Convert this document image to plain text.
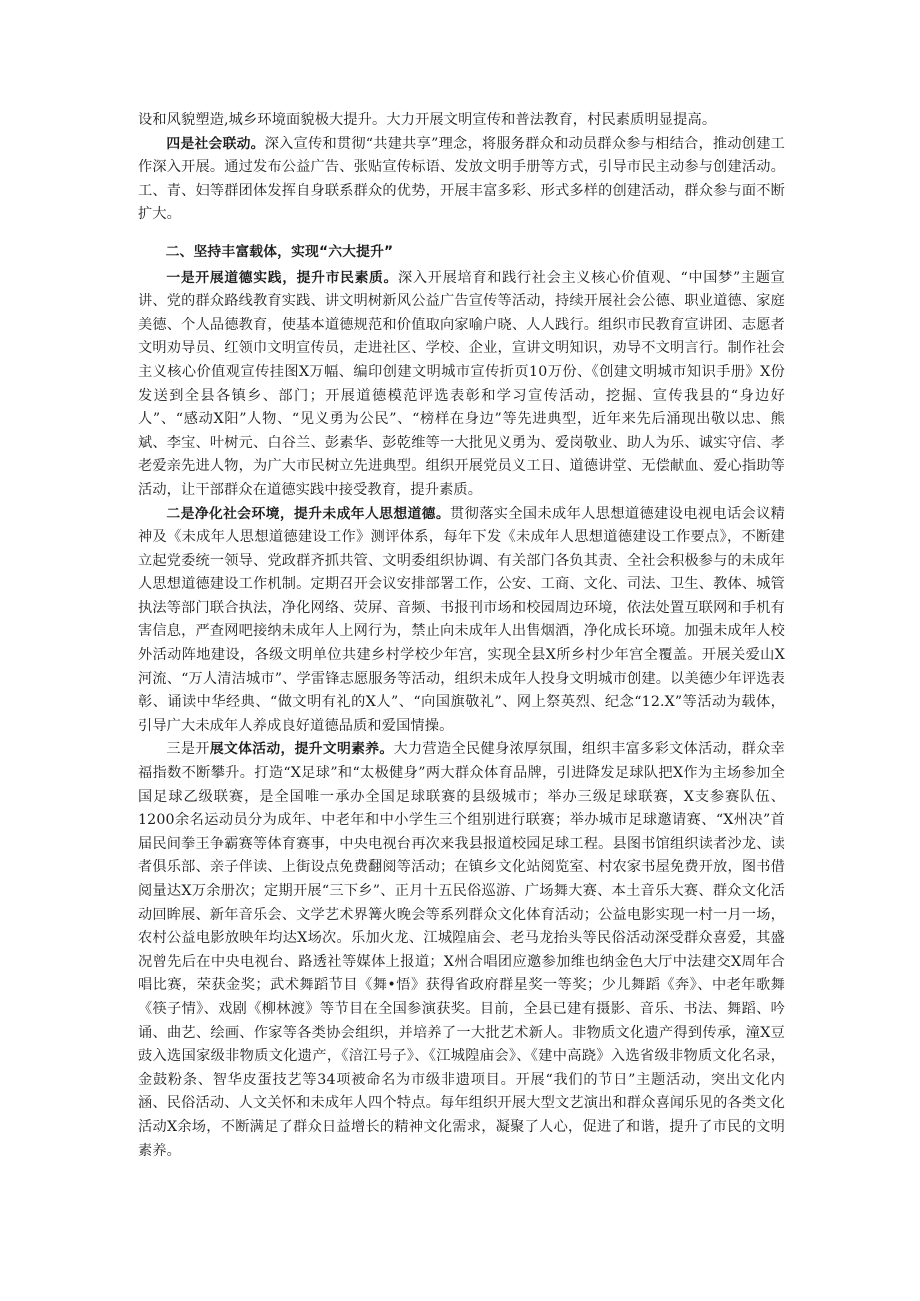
设和风貌塑造,城乡环境面貌极大提升。大力开展文明宣传和普法教育，村民素质明显提高。

四是社会联动。深入宣传和贯彻“共建共享”理念，将服务群众和动员群众参与相结合，推动创建工作深入开展。通过发布公益广告、张贴宣传标语、发放文明手册等方式，引导市民主动参与创建活动。工、青、妇等群团体发挥自身联系群众的优势，开展丰富多彩、形式多样的创建活动，群众参与面不断扩大。

二、坚持丰富载体，实现“六大提升”

一是开展道德实践，提升市民素质。深入开展培育和践行社会主义核心价值观、“中国梦”主题宣讲、党的群众路线教育实践、讲文明树新风公益广告宣传等活动，持续开展社会公德、职业道德、家庭美德、个人品德教育，使基本道德规范和价值取向家喻户晓、人人践行。组织市民教育宣讲团、志愿者文明劝导员、红领巾文明宣传员，走进社区、学校、企业，宣讲文明知识，劝导不文明言行。制作社会主义核心价值观宣传挂图X万幅、编印创建文明城市宣传折页10万份、《创建文明城市知识手册》X份发送到全县各镇乡、部门；开展道德模范评选表彰和学习宣传活动，挖掘、宣传我县的“身边好人”、“感动X阳”人物、“见义勇为公民”、“榜样在身边”等先进典型，近年来先后涌现出敬以忠、熊斌、李宝、叶树元、白谷兰、彭素华、彭乾维等一大批见义勇为、爱岗敬业、助人为乐、诚实守信、孝老爱亲先进人物，为广大市民树立先进典型。组织开展党员义工日、道德讲堂、无偿献血、爱心指助等活动，让干部群众在道德实践中接受教育，提升素质。

二是净化社会环境，提升未成年人思想道德。贯彻落实全国未成年人思想道德建设电视电话会议精神及《未成年人思想道德建设工作》测评体系，每年下发《未成年人思想道德建设工作要点》，不断建立起党委统一领导、党政群齐抓共管、文明委组织协调、有关部门各负其责、全社会积极参与的未成年人思想道德建设工作机制。定期召开会议安排部署工作，公安、工商、文化、司法、卫生、教体、城管执法等部门联合执法，净化网络、荧屏、音频、书报刊市场和校园周边环境，依法处置互联网和手机有害信息，严查网吧接纳未成年人上网行为，禁止向未成年人出售烟酒，净化成长环境。加强未成年人校外活动阵地建设，各级文明单位共建乡村学校少年宫，实现全县X所乡村少年宫全覆盖。开展关爱山X河流、“万人清洁城市”、学雷锋志愿服务等活动，组织未成年人投身文明城市创建。以美德少年评选表彰、诵读中华经典、“做文明有礼的X人”、“向国旗敬礼”、网上祭英烈、纪念“12.X”等活动为载体，引导广大未成年人养成良好道德品质和爱国情操。

三是开展文体活动，提升文明素养。大力营造全民健身浓厚氛围，组织丰富多彩文体活动，群众幸福指数不断攀升。打造“X足球”和“太极健身”两大群众体育品牌，引进降发足球队把X作为主场参加全国足球乙级联赛，是全国唯一承办全国足球联赛的县级城市；举办三级足球联赛，X支参赛队伍、1200余名运动员分为成年、中老年和中小学生三个组别进行联赛；举办城市足球邀请赛、“X州决”首届民间拳王争霸赛等体育赛事，中央电视台再次来我县报道校园足球工程。县图书馆组织读者沙龙、读者俱乐部、亲子伴读、上街设点免费翻阅等活动；在镇乡文化站阅览室、村农家书屋免费开放，图书借阅量达X万余册次；定期开展“三下乡”、正月十五民俗巡游、广场舞大赛、本土音乐大赛、群众文化活动回眸展、新年音乐会、文学艺术界篝火晚会等系列群众文化体育活动；公益电影实现一村一月一场，农村公益电影放映年均达X场次。乐加火龙、江城隍庙会、老马龙抬头等民俗活动深受群众喜爱，其盛况曾先后在中央电视台、路透社等媒体上报道；X州合唱团应邀参加维也纳金色大厅中法建交X周年合唱比赛，荣获金奖；武术舞蹈节目《舞•悟》获得省政府群星奖一等奖；少儿舞蹈《奔》、中老年歌舞《筷子情》、戏剧《柳林渡》等节目在全国参演获奖。目前，全县已建有摄影、音乐、书法、舞蹈、吟诵、曲艺、绘画、作家等各类协会组织，并培养了一大批艺术新人。非物质文化遗产得到传承，潼X豆豉入选国家级非物质文化遗产，《涪江号子》、《江城隍庙会》、《建中高跷》入选省级非物质文化名录，金鼓粉条、智华皮蛋技艺等34项被命名为市级非遗项目。开展“我们的节日”主题活动，突出文化内涵、民俗活动、人文关怀和未成年人四个特点。每年组织开展大型文艺演出和群众喜闻乐见的各类文化活动X余场，不断满足了群众日益增长的精神文化需求，凝聚了人心，促进了和谐，提升了市民的文明素养。
